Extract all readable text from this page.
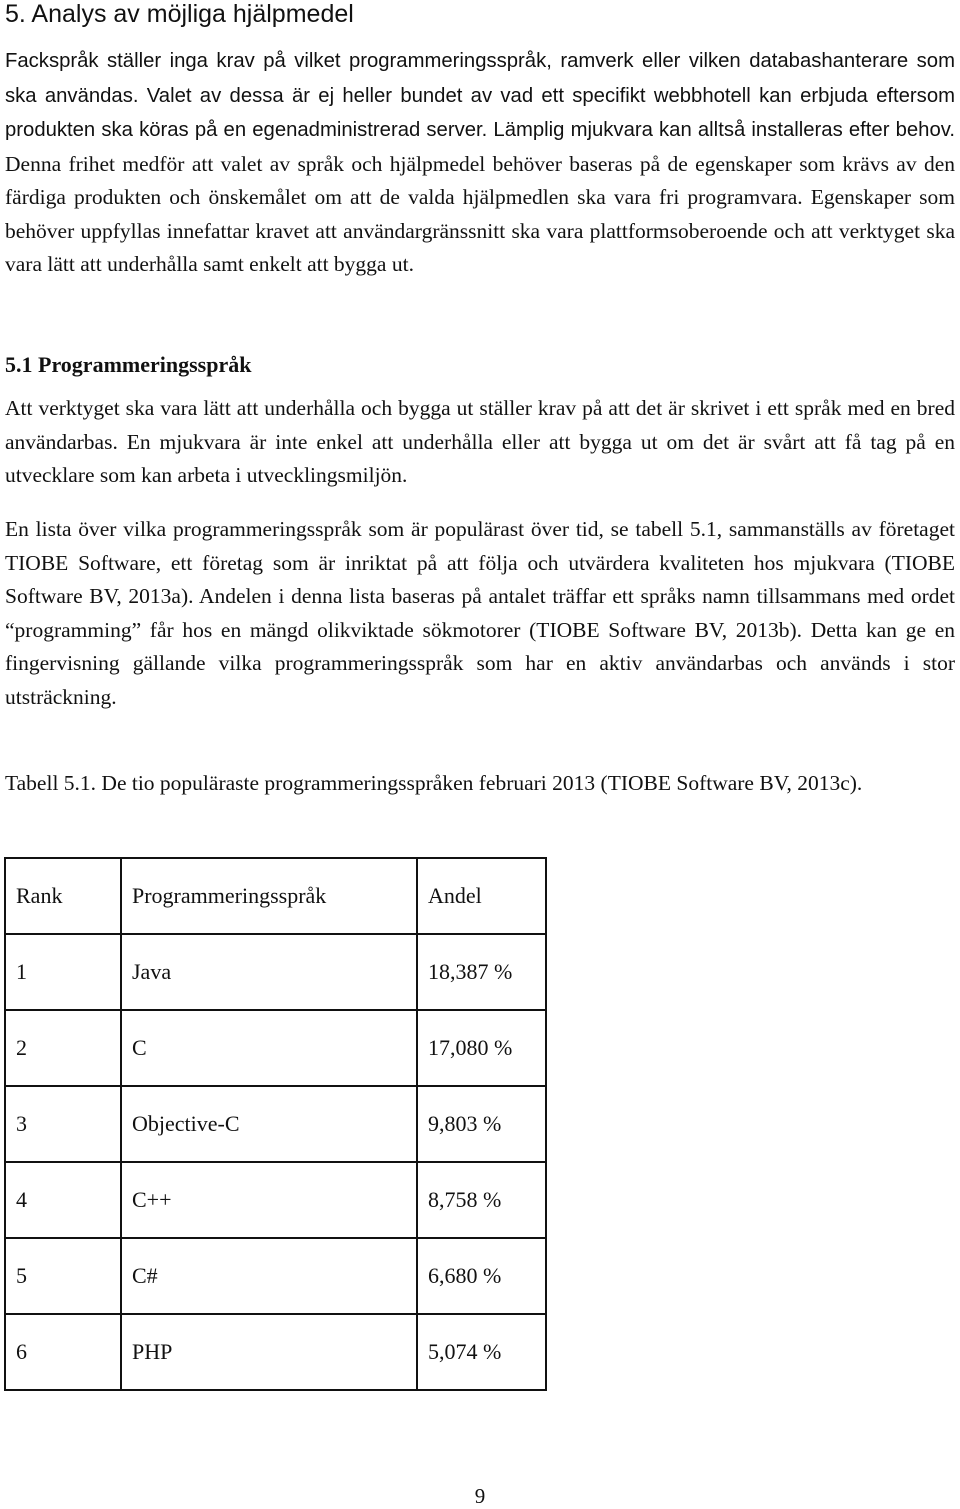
5. Analys av möjliga hjälpmedel

Fackspråk ställer inga krav på vilket programmeringsspråk, ramverk eller vilken databashanterare som ska användas. Valet av dessa är ej heller bundet av vad ett specifikt webbhotell kan erbjuda eftersom produkten ska köras på en egenadministrerad server. Lämplig mjukvara kan alltså installeras efter behov. Denna frihet medför att valet av språk och hjälpmedel behöver baseras på de egenskaper som krävs av den färdiga produkten och önskemålet om att de valda hjälpmedlen ska vara fri programvara. Egenskaper som behöver uppfyllas innefattar kravet att användargränssnitt ska vara plattformsoberoende och att verktyget ska vara lätt att underhålla samt enkelt att bygga ut.

5.1 Programmeringsspråk

Att verktyget ska vara lätt att underhålla och bygga ut ställer krav på att det är skrivet i ett språk med en bred användarbas. En mjukvara är inte enkel att underhålla eller att bygga ut om det är svårt att få tag på en utvecklare som kan arbeta i utvecklingsmiljön.

En lista över vilka programmeringsspråk som är populärast över tid, se tabell 5.1, sammanställs av företaget TIOBE Software, ett företag som är inriktat på att följa och utvärdera kvaliteten hos mjukvara (TIOBE Software BV, 2013a). Andelen i denna lista baseras på antalet träffar ett språks namn tillsammans med ordet “programming” får hos en mängd olikviktade sökmotorer (TIOBE Software BV, 2013b). Detta kan ge en fingervisning gällande vilka programmeringsspråk som har en aktiv användarbas och används i stor utsträckning.

Tabell 5.1. De tio populäraste programmeringsspråken februari 2013 (TIOBE Software BV, 2013c).

Rank	Programmeringsspråk	Andel
1	Java	18,387 %
2	C	17,080 %
3	Objective-C	9,803 %
4	C++	8,758 %
5	C#	6,680 %
6	PHP	5,074 %
9
